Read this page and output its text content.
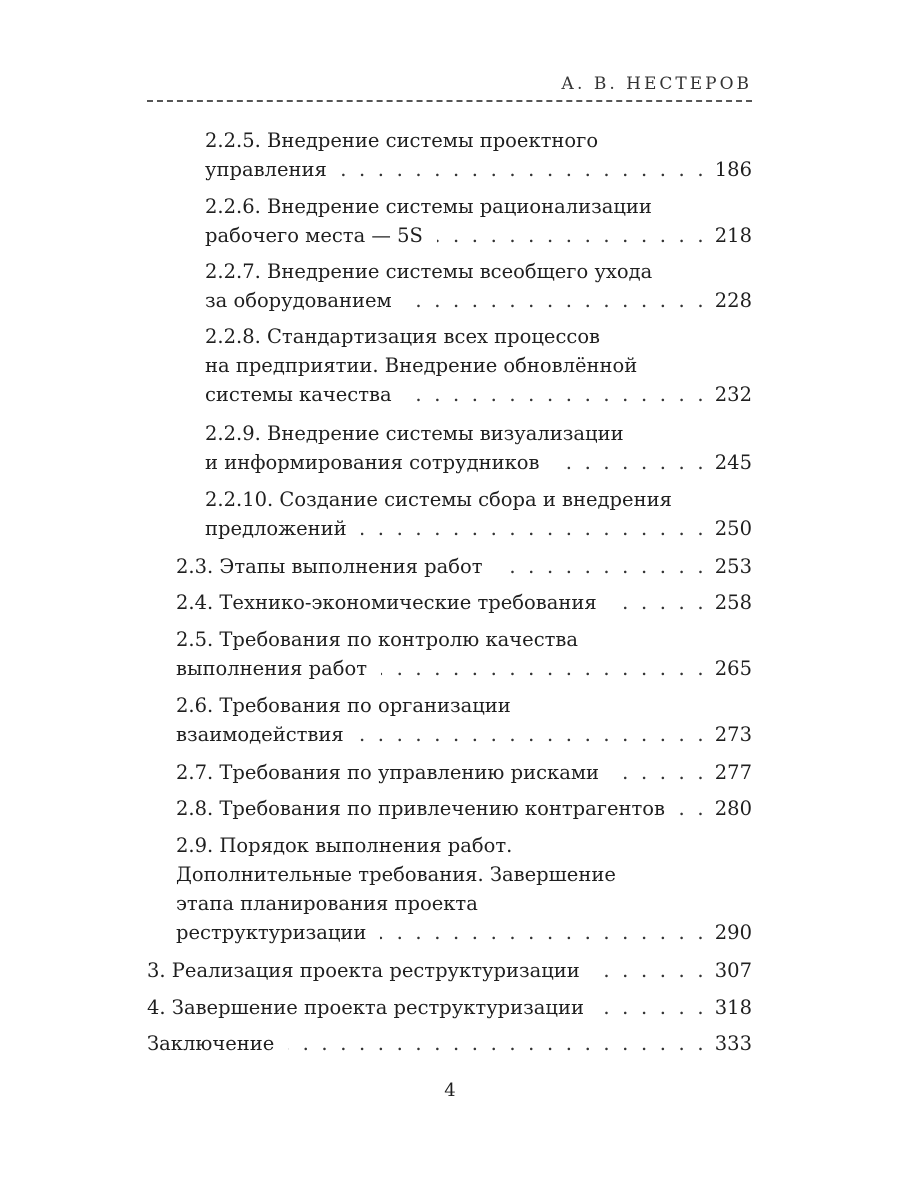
А. В. НЕСТЕРОВ
2.2.5. Внедрение системы проектного
управления . . .	186
2.2.6. Внедрение системы рационализации
рабочего места — 5S . . .	218
2.2.7. Внедрение системы всеобщего ухода
за оборудованием . . .	228
2.2.8. Стандартизация всех процессов
на предприятии. Внедрение обновлённой
системы качества . . .	232
2.2.9. Внедрение системы визуализации
и информирования сотрудников . . .	245
2.2.10. Создание системы сбора и внедрения
предложений . . .	250
2.3. Этапы выполнения работ . . .	253
2.4. Технико-экономические требования . . .	258
2.5. Требования по контролю качества
выполнения работ . . .	265
2.6. Требования по организации
взаимодействия . . .	273
2.7. Требования по управлению рисками . . .	277
2.8. Требования по привлечению контрагентов . . .	280
2.9. Порядок выполнения работ.
Дополнительные требования. Завершение
этапа планирования проекта
реструктуризации . . .	290
3. Реализация проекта реструктуризации . . .	307
4. Завершение проекта реструктуризации . . .	318
Заключение . . .	333
4
